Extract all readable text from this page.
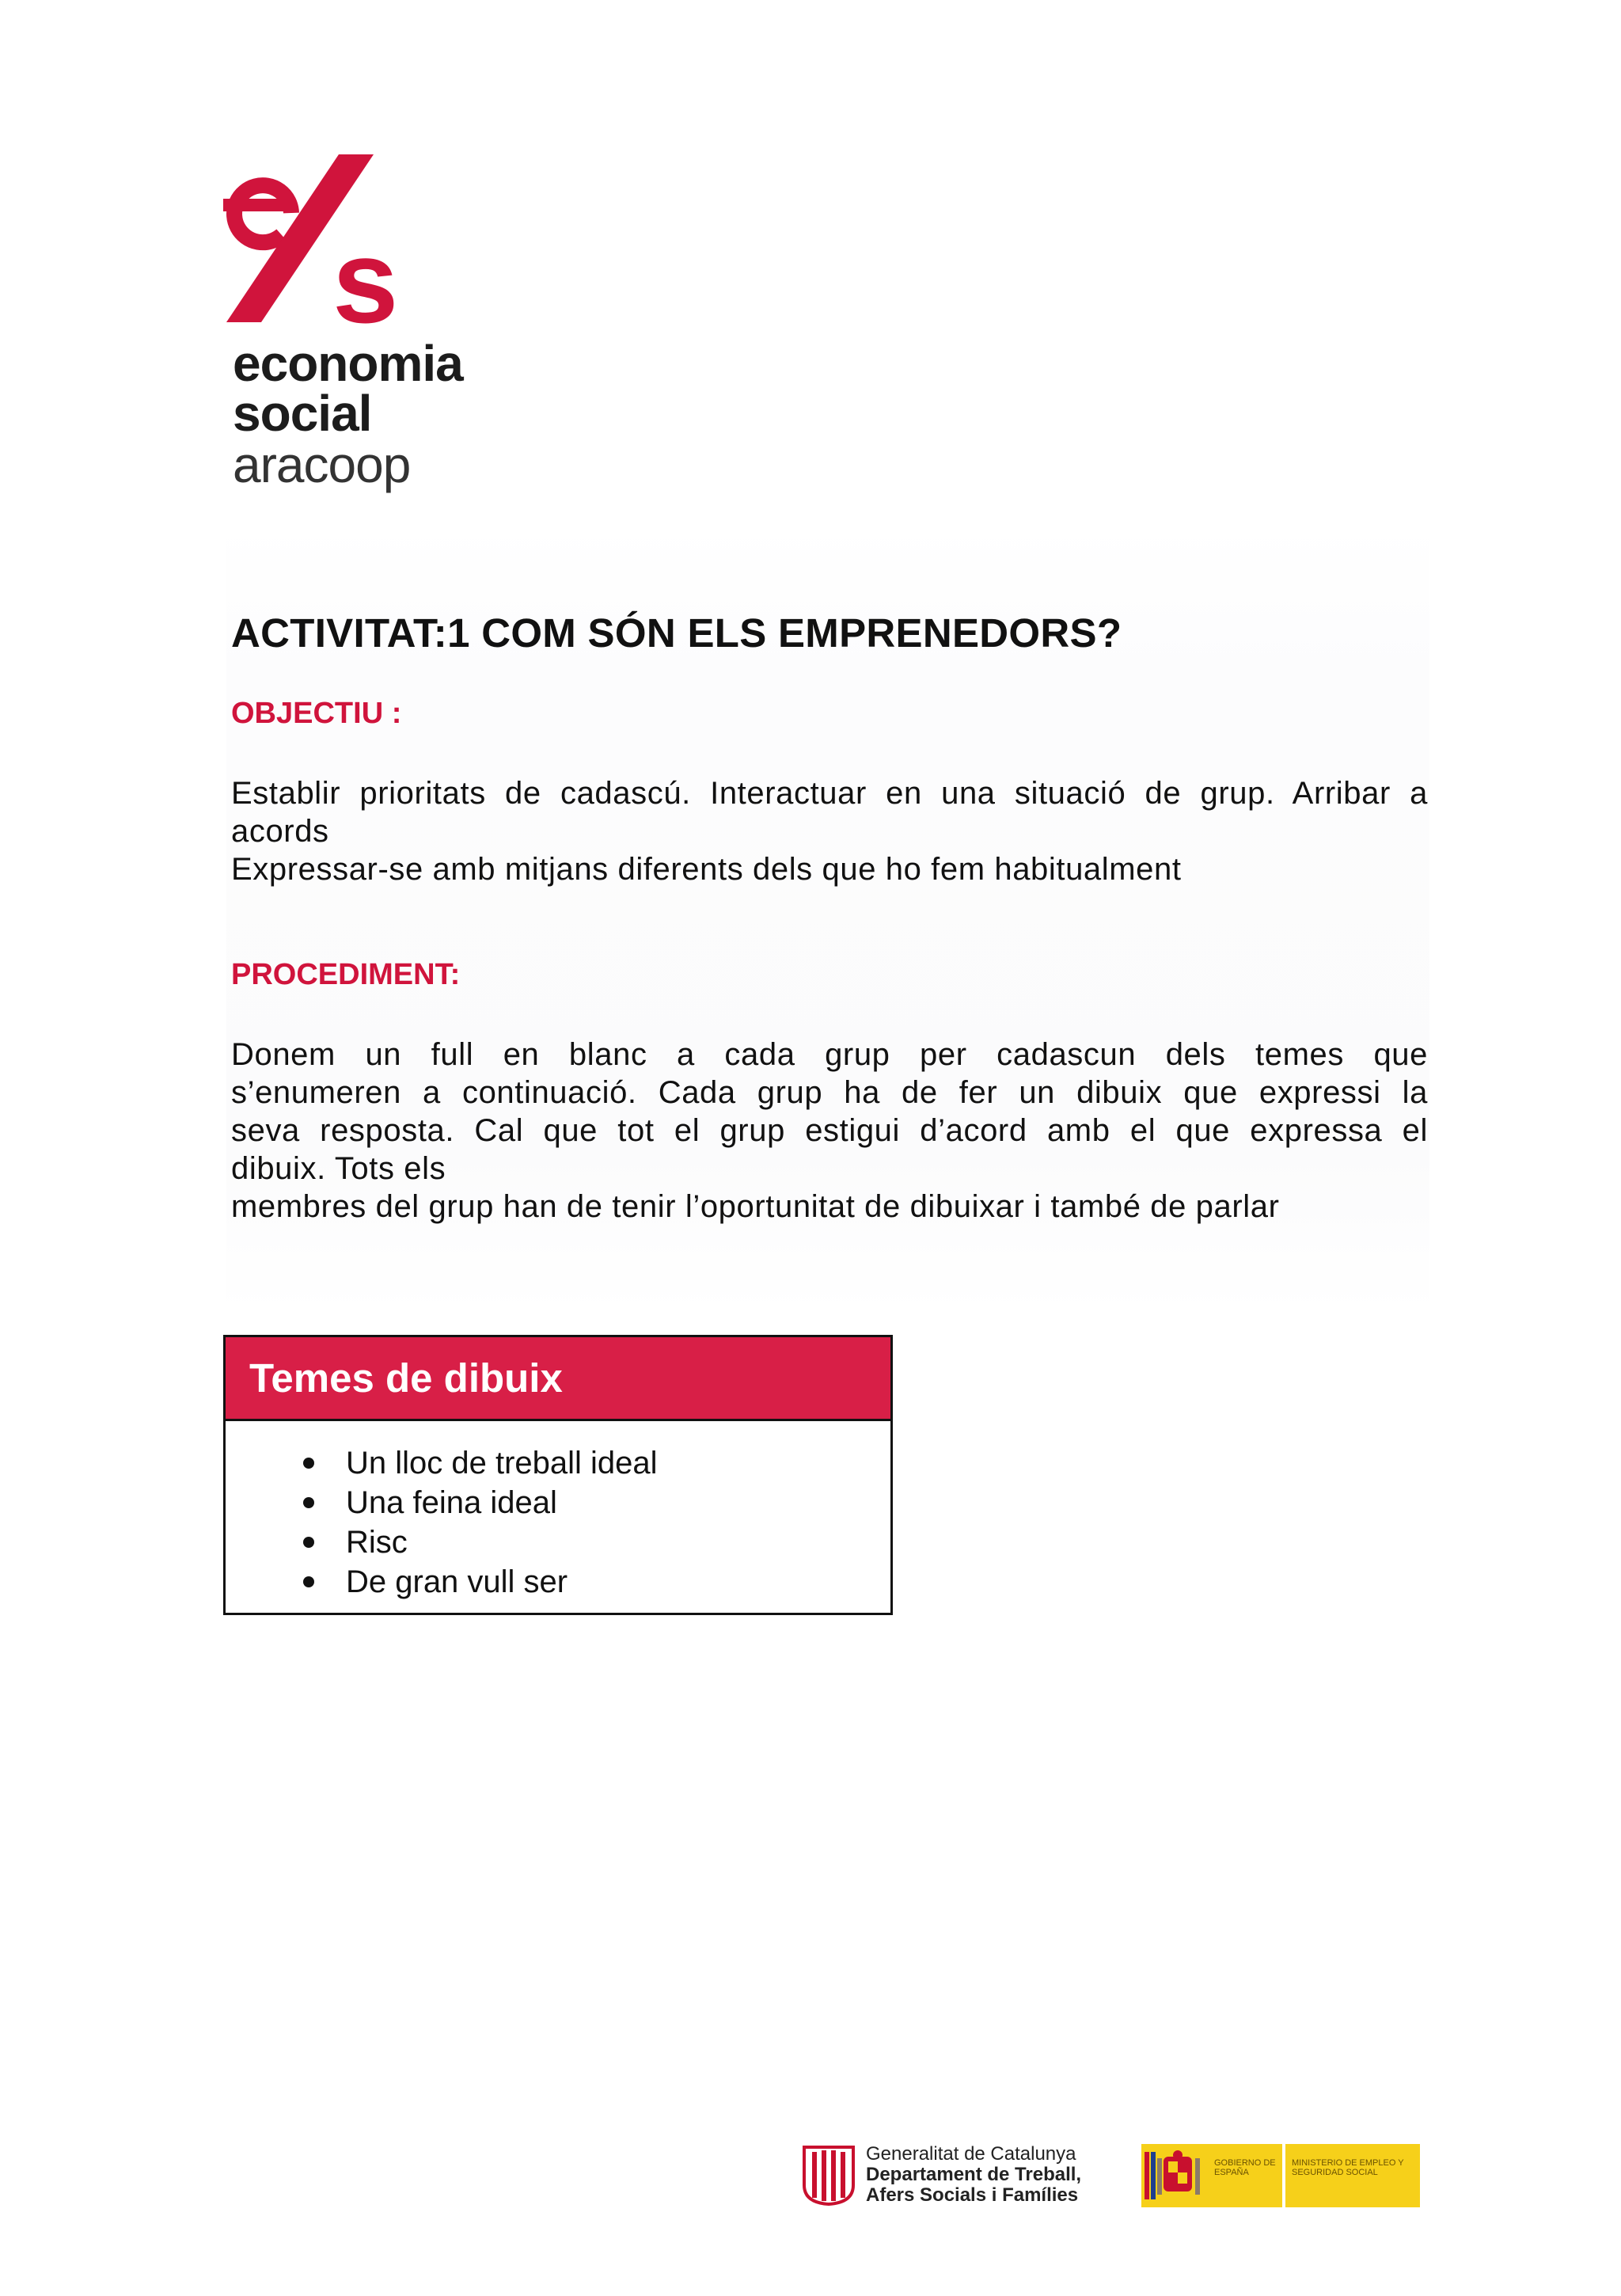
s
economia
social
aracoop
ACTIVITAT:1 COM SÓN ELS EMPRENEDORS?
OBJECTIU :
Establir prioritats de cadascú. Interactuar en una situació de grup. Arribar a
acords
Expressar-se amb mitjans diferents dels que ho fem habitualment
PROCEDIMENT:
Donem un full en blanc a cada grup per cadascun dels temes que
s’enumeren a continuació. Cada grup ha de fer un dibuix que expressi la
seva resposta. Cal que tot el grup estigui d’acord amb el que expressa el
dibuix. Tots els
membres del grup han de tenir l’oportunitat de dibuixar i també de parlar
Temes de dibuix
Un lloc de treball ideal
Una feina ideal
Risc
De gran vull ser
Generalitat de Catalunya
Departament de Treball,
Afers Socials i Famílies
GOBIERNO DE ESPAÑA
MINISTERIO DE EMPLEO Y SEGURIDAD SOCIAL
